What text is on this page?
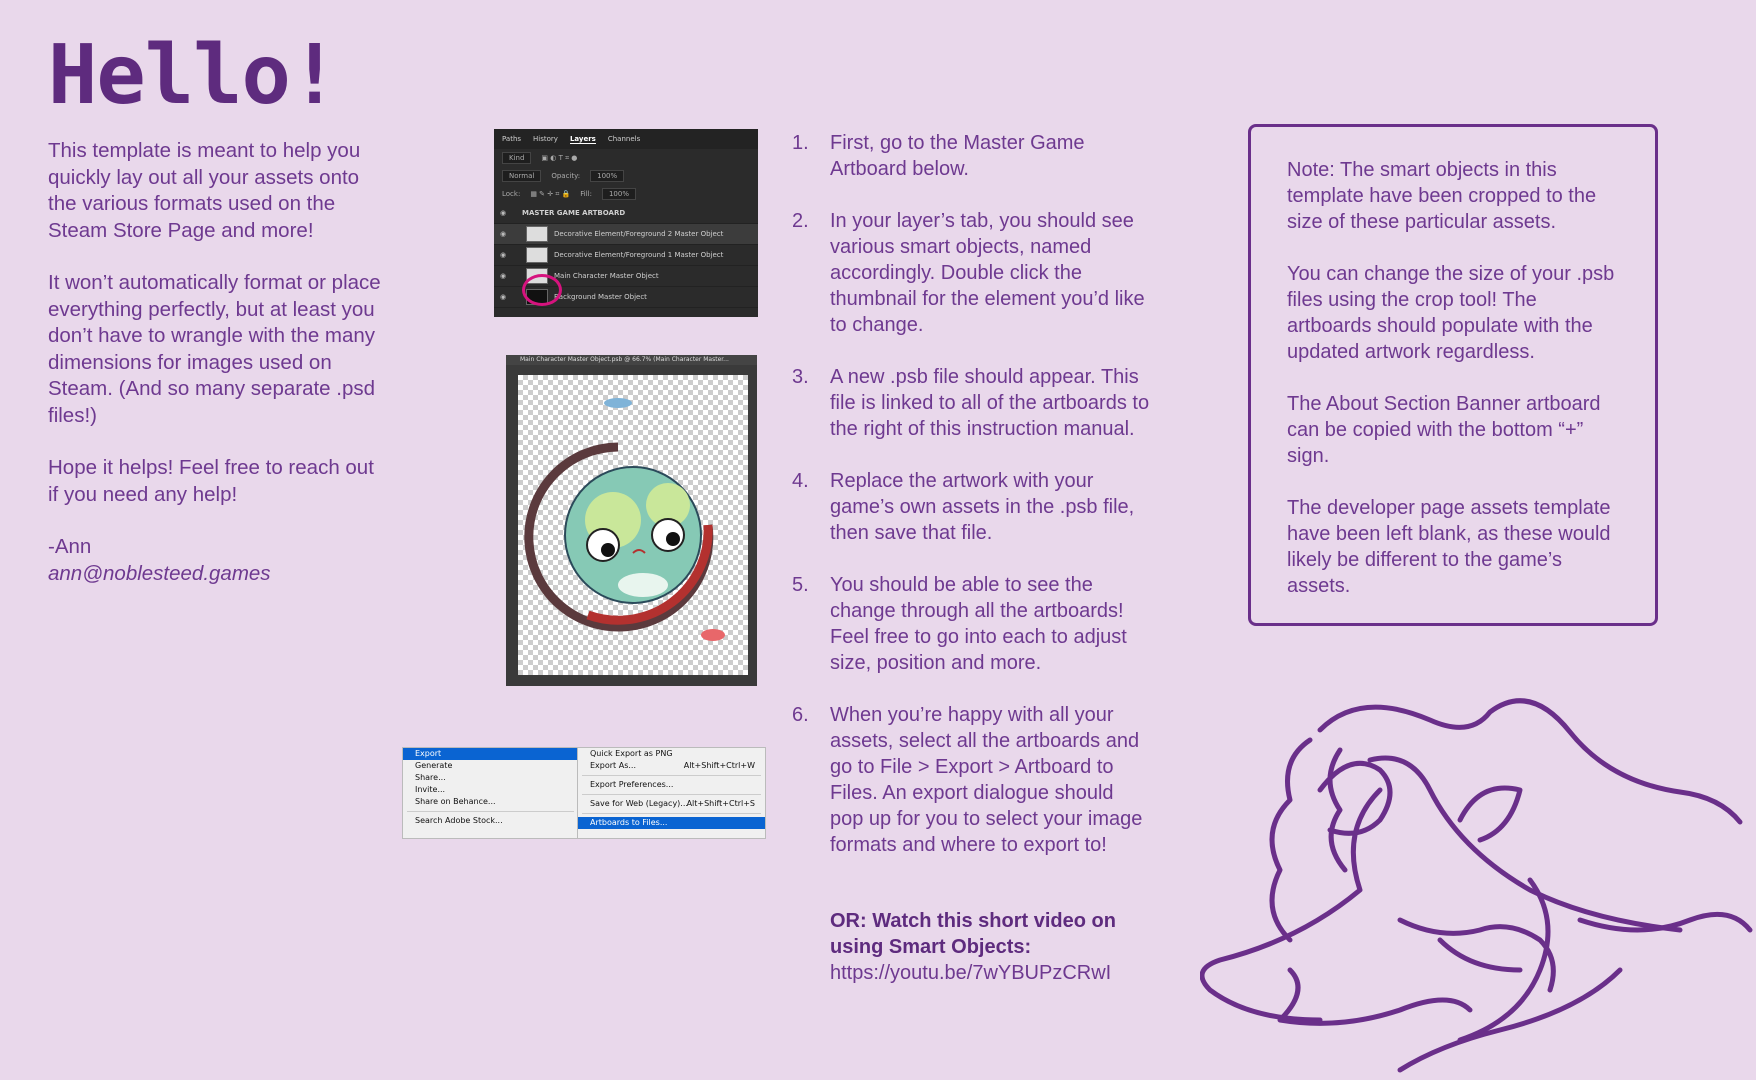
Hello!

This template is meant to help you quickly lay out all your assets onto the various formats used on the Steam Store Page and more!

It won’t automatically format or place everything perfectly, but at least you don’t have to wrangle with the many dimensions for images used on Steam. (And so many separate .psd files!)

Hope it helps! Feel free to reach out if you need any help!

-Ann
ann@noblesteed.games

Paths History Layers Channels
Kind	▣ ◐ T ⌗ ●
Normal	Opacity:	100%
Lock: ▦ ✎ ✛ ⌗ 🔒 Fill:	100%
◉ MASTER GAME ARTBOARD
◉	Decorative Element/Foreground 2 Master Object
◉	Decorative Element/Foreground 1 Master Object
◉	Main Character Master Object
◉	Background Master Object
Main Character Master Object.psb @ 66.7% (Main Character Master...
Export
Generate
Share...
Invite...
Share on Behance...
Search Adobe Stock...
Quick Export as PNG
Export As...	Alt+Shift+Ctrl+W
Export Preferences...
Save for Web (Legacy)...
Alt+Shift+Ctrl+S
Artboards to Files...
1.	First, go to the Master Game Artboard below.
2.	In your layer’s tab, you should see various smart objects, named accordingly. Double click the thumbnail for the element you’d like to change.
3.	A new .psb file should appear. This file is linked to all of the artboards to the right of this instruction manual.
4.	Replace the artwork with your game’s own assets in the .psb file, then save that file.
5.	You should be able to see the change through all the artboards! Feel free to go into each to adjust size, position and more.
6.	When you’re happy with all your assets, select all the artboards and go to File > Export > Artboard to Files. An export dialogue should pop up for you to select your image formats and where to export to!
OR: Watch this short video on using Smart Objects:
https://youtu.be/7wYBUPzCRwI

Note: The smart objects in this template have been cropped to the size of these particular assets.

You can change the size of your .psb files using the crop tool! The artboards should populate with the updated artwork regardless.

The About Section Banner artboard can be copied with the bottom “+” sign.

The developer page assets template have been left blank, as these would likely be different to the game’s assets.
